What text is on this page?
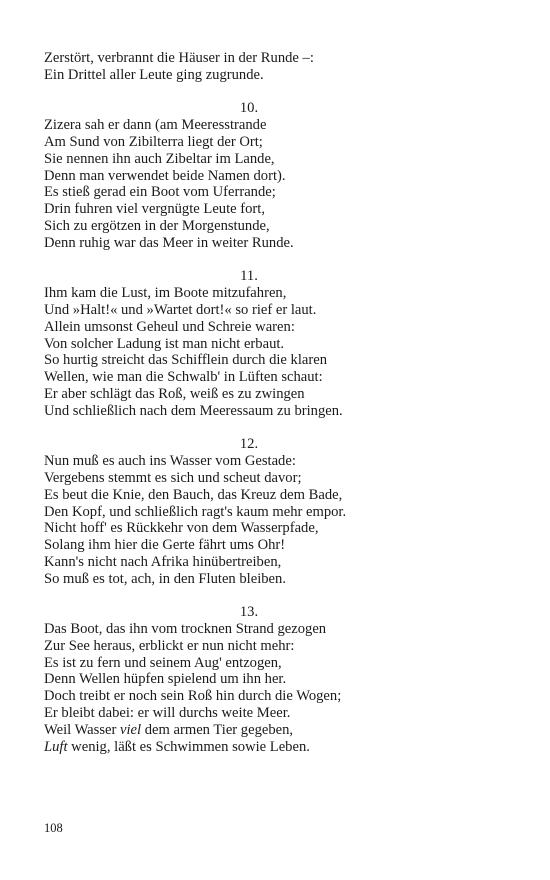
Zerstört, verbrannt die Häuser in der Runde –:
Ein Drittel aller Leute ging zugrunde.
10.
Zizera sah er dann (am Meeresstrande
Am Sund von Zibilterra liegt der Ort;
Sie nennen ihn auch Zibeltar im Lande,
Denn man verwendet beide Namen dort).
Es stieß gerad ein Boot vom Uferrande;
Drin fuhren viel vergnügte Leute fort,
Sich zu ergötzen in der Morgenstunde,
Denn ruhig war das Meer in weiter Runde.
11.
Ihm kam die Lust, im Boote mitzufahren,
Und »Halt!« und »Wartet dort!« so rief er laut.
Allein umsonst Geheul und Schreie waren:
Von solcher Ladung ist man nicht erbaut.
So hurtig streicht das Schifflein durch die klaren
Wellen, wie man die Schwalb' in Lüften schaut:
Er aber schlägt das Roß, weiß es zu zwingen
Und schließlich nach dem Meeressaum zu bringen.
12.
Nun muß es auch ins Wasser vom Gestade:
Vergebens stemmt es sich und scheut davor;
Es beut die Knie, den Bauch, das Kreuz dem Bade,
Den Kopf, und schließlich ragt's kaum mehr empor.
Nicht hoff' es Rückkehr von dem Wasserpfade,
Solang ihm hier die Gerte fährt ums Ohr!
Kann's nicht nach Afrika hinübertreiben,
So muß es tot, ach, in den Fluten bleiben.
13.
Das Boot, das ihn vom trocknen Strand gezogen
Zur See heraus, erblickt er nun nicht mehr:
Es ist zu fern und seinem Aug' entzogen,
Denn Wellen hüpfen spielend um ihn her.
Doch treibt er noch sein Roß hin durch die Wogen;
Er bleibt dabei: er will durchs weite Meer.
Weil Wasser viel dem armen Tier gegeben,
Luft wenig, läßt es Schwimmen sowie Leben.
108
